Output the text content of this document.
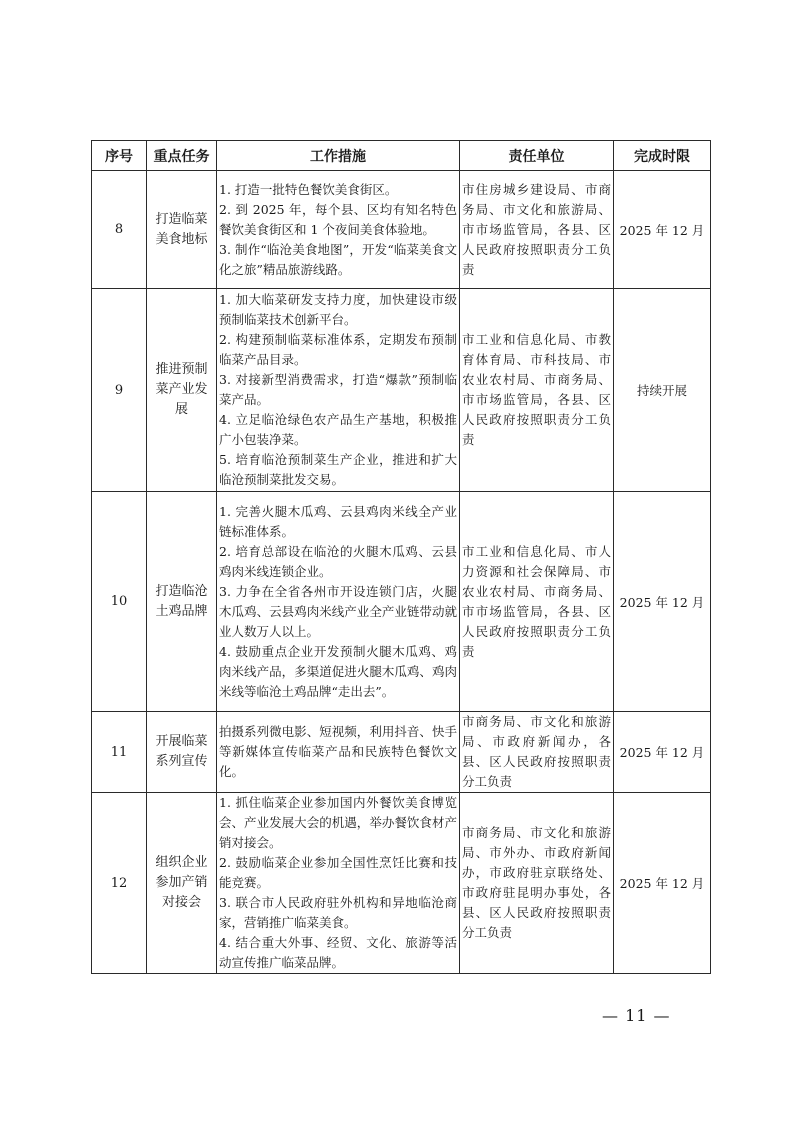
序号	重点任务	工作措施	责任单位	完成时限
8	打造临菜美食地标	1. 打造一批特色餐饮美食街区。
2. 到 2025 年，每个县、区均有知名特色餐饮美食街区和 1 个夜间美食体验地。
3. 制作“临沧美食地图”，开发“临菜美食文化之旅”精品旅游线路。	市住房城乡建设局、市商务局、市文化和旅游局、市市场监管局，各县、区人民政府按照职责分工负责	2025 年 12 月
9	推进预制菜产业发展	1. 加大临菜研发支持力度，加快建设市级预制临菜技术创新平台。
2. 构建预制临菜标准体系，定期发布预制临菜产品目录。
3. 对接新型消费需求，打造“爆款”预制临菜产品。
4. 立足临沧绿色农产品生产基地，积极推广小包装净菜。
5. 培育临沧预制菜生产企业，推进和扩大临沧预制菜批发交易。	市工业和信息化局、市教育体育局、市科技局、市农业农村局、市商务局、市市场监管局，各县、区人民政府按照职责分工负责	持续开展
10	打造临沧土鸡品牌	1. 完善火腿木瓜鸡、云县鸡肉米线全产业链标准体系。
2. 培育总部设在临沧的火腿木瓜鸡、云县鸡肉米线连锁企业。
3. 力争在全省各州市开设连锁门店，火腿木瓜鸡、云县鸡肉米线产业全产业链带动就业人数万人以上。
4. 鼓励重点企业开发预制火腿木瓜鸡、鸡肉米线产品，多渠道促进火腿木瓜鸡、鸡肉米线等临沧土鸡品牌“走出去”。	市工业和信息化局、市人力资源和社会保障局、市农业农村局、市商务局、市市场监管局，各县、区人民政府按照职责分工负责	2025 年 12 月
11	开展临菜系列宣传	拍摄系列微电影、短视频，利用抖音、快手等新媒体宣传临菜产品和民族特色餐饮文化。	市商务局、市文化和旅游局、市政府新闻办，各县、区人民政府按照职责分工负责	2025 年 12 月
12	组织企业参加产销对接会	1. 抓住临菜企业参加国内外餐饮美食博览会、产业发展大会的机遇，举办餐饮食材产销对接会。
2. 鼓励临菜企业参加全国性烹饪比赛和技能竞赛。
3. 联合市人民政府驻外机构和异地临沧商家，营销推广临菜美食。
4. 结合重大外事、经贸、文化、旅游等活动宣传推广临菜品牌。	市商务局、市文化和旅游局、市外办、市政府新闻办，市政府驻京联络处、市政府驻昆明办事处，各县、区人民政府按照职责分工负责	2025 年 12 月
— 11 —
